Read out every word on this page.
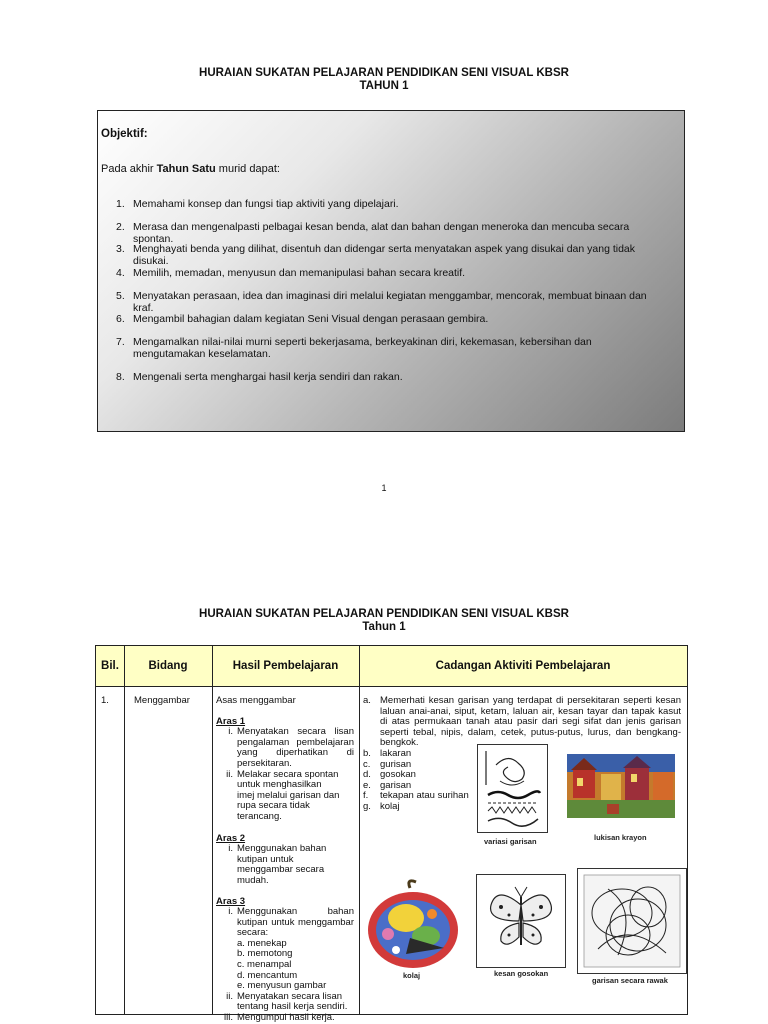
HURAIAN SUKATAN PELAJARAN PENDIDIKAN SENI VISUAL KBSR
TAHUN 1
Objektif:
Pada akhir Tahun Satu murid dapat:
1. Memahami konsep dan fungsi tiap aktiviti yang dipelajari.
2.Merasa dan mengenalpasti pelbagai kesan benda, alat dan bahan dengan meneroka dan mencuba secara spontan.
3. Menghayati benda yang dilihat, disentuh dan didengar serta menyatakan aspek yang disukai dan yang tidak disukai.
4. Memilih, memadan, menyusun dan memanipulasi bahan secara kreatif.
5. Menyatakan perasaan, idea dan imaginasi diri melalui kegiatan menggambar, mencorak, membuat binaan dan kraf.
6. Mengambil bahagian dalam kegiatan Seni Visual dengan perasaan gembira.
7. Mengamalkan nilai-nilai murni seperti bekerjasama, berkeyakinan diri, kekemasan, kebersihan dan mengutamakan keselamatan.
8. Mengenali serta menghargai hasil kerja sendiri dan rakan.
1
HURAIAN SUKATAN PELAJARAN PENDIDIKAN SENI VISUAL KBSR
Tahun 1
Bil.	Bidang	Hasil Pembelajaran	Cadangan Aktiviti Pembelajaran
1.	Menggambar	Asas menggambar
Aras 1
i. Menyatakan secara lisan pengalaman pembelajaran yang diperhatikan di persekitaran.
ii. Melakar secara spontan untuk menghasilkan imej melalui garisan dan rupa secara tidak terancang.
Aras 2
i. Menggunakan bahan kutipan untuk menggambar secara mudah.
Aras 3
i. Menggunakan bahan kutipan untuk menggambar secara:
a. menekap
b. memotong
c. menampal
d. mencantum
e. menyusun gambar
ii. Menyatakan secara lisan tentang hasil kerja sendiri.
iii. Mengumpul hasil kerja.
a. Memerhati kesan garisan yang terdapat di persekitaran seperti kesan laluan anai-anai, siput, ketam, laluan air, kesan tayar dan tapak kasut di atas permukaan tanah atau pasir dari segi sifat dan jenis garisan seperti tebal, nipis, dalam, cetek, putus-putus, lurus, dan bengkang-bengkok.
b. lakaran
c.	gurisan
d. gosokan
e. garisan
f.	tekapan atau surihan
g. kolaj
variasi garisan	lukisan krayon
kolaj	kesan gosokan
garisan secara rawak
